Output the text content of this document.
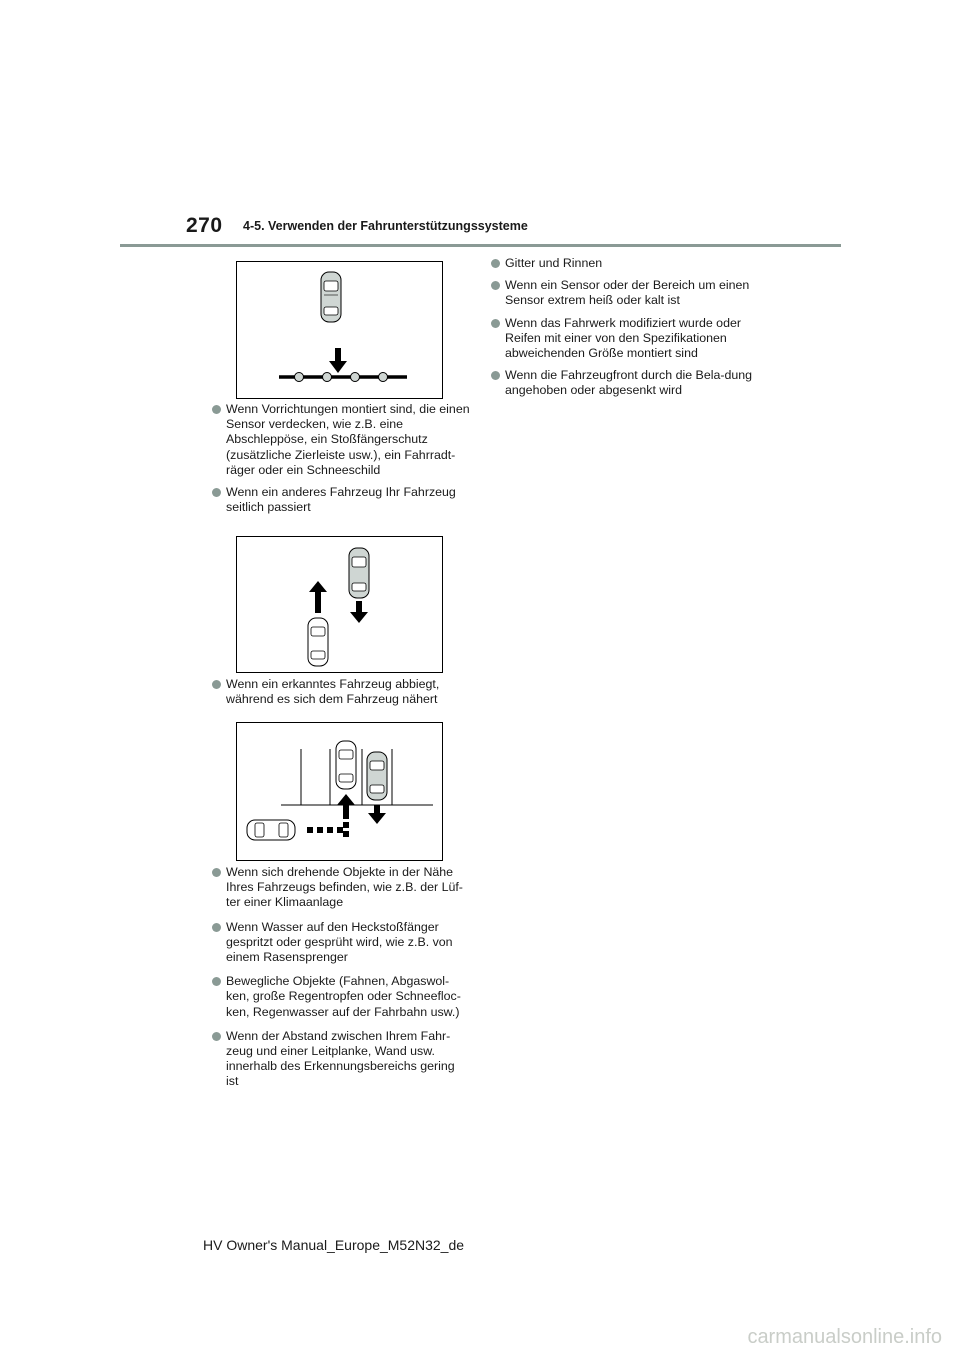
270 4-5. Verwenden der Fahrunterstützungssysteme

Wenn Vorrichtungen montiert sind, die einen Sensor verdecken, wie z.B. eine Abschleppöse, ein Stoßfängerschutz (zusätzliche Zierleiste usw.), ein Fahrradt-räger oder ein Schneeschild

Wenn ein anderes Fahrzeug Ihr Fahrzeug seitlich passiert

Wenn ein erkanntes Fahrzeug abbiegt, während es sich dem Fahrzeug nähert

Wenn sich drehende Objekte in der Nähe Ihres Fahrzeugs befinden, wie z.B. der Lüf-ter einer Klimaanlage

Wenn Wasser auf den Heckstoßfänger gespritzt oder gesprüht wird, wie z.B. von einem Rasensprenger

Bewegliche Objekte (Fahnen, Abgaswol-ken, große Regentropfen oder Schneefloc-ken, Regenwasser auf der Fahrbahn usw.)

Wenn der Abstand zwischen Ihrem Fahr-zeug und einer Leitplanke, Wand usw. innerhalb des Erkennungsbereichs gering ist

Gitter und Rinnen

Wenn ein Sensor oder der Bereich um einen Sensor extrem heiß oder kalt ist

Wenn das Fahrwerk modifiziert wurde oder Reifen mit einer von den Spezifikationen abweichenden Größe montiert sind

Wenn die Fahrzeugfront durch die Bela-dung angehoben oder abgesenkt wird

HV Owner's Manual_Europe_M52N32_de
carmanualsonline.info
